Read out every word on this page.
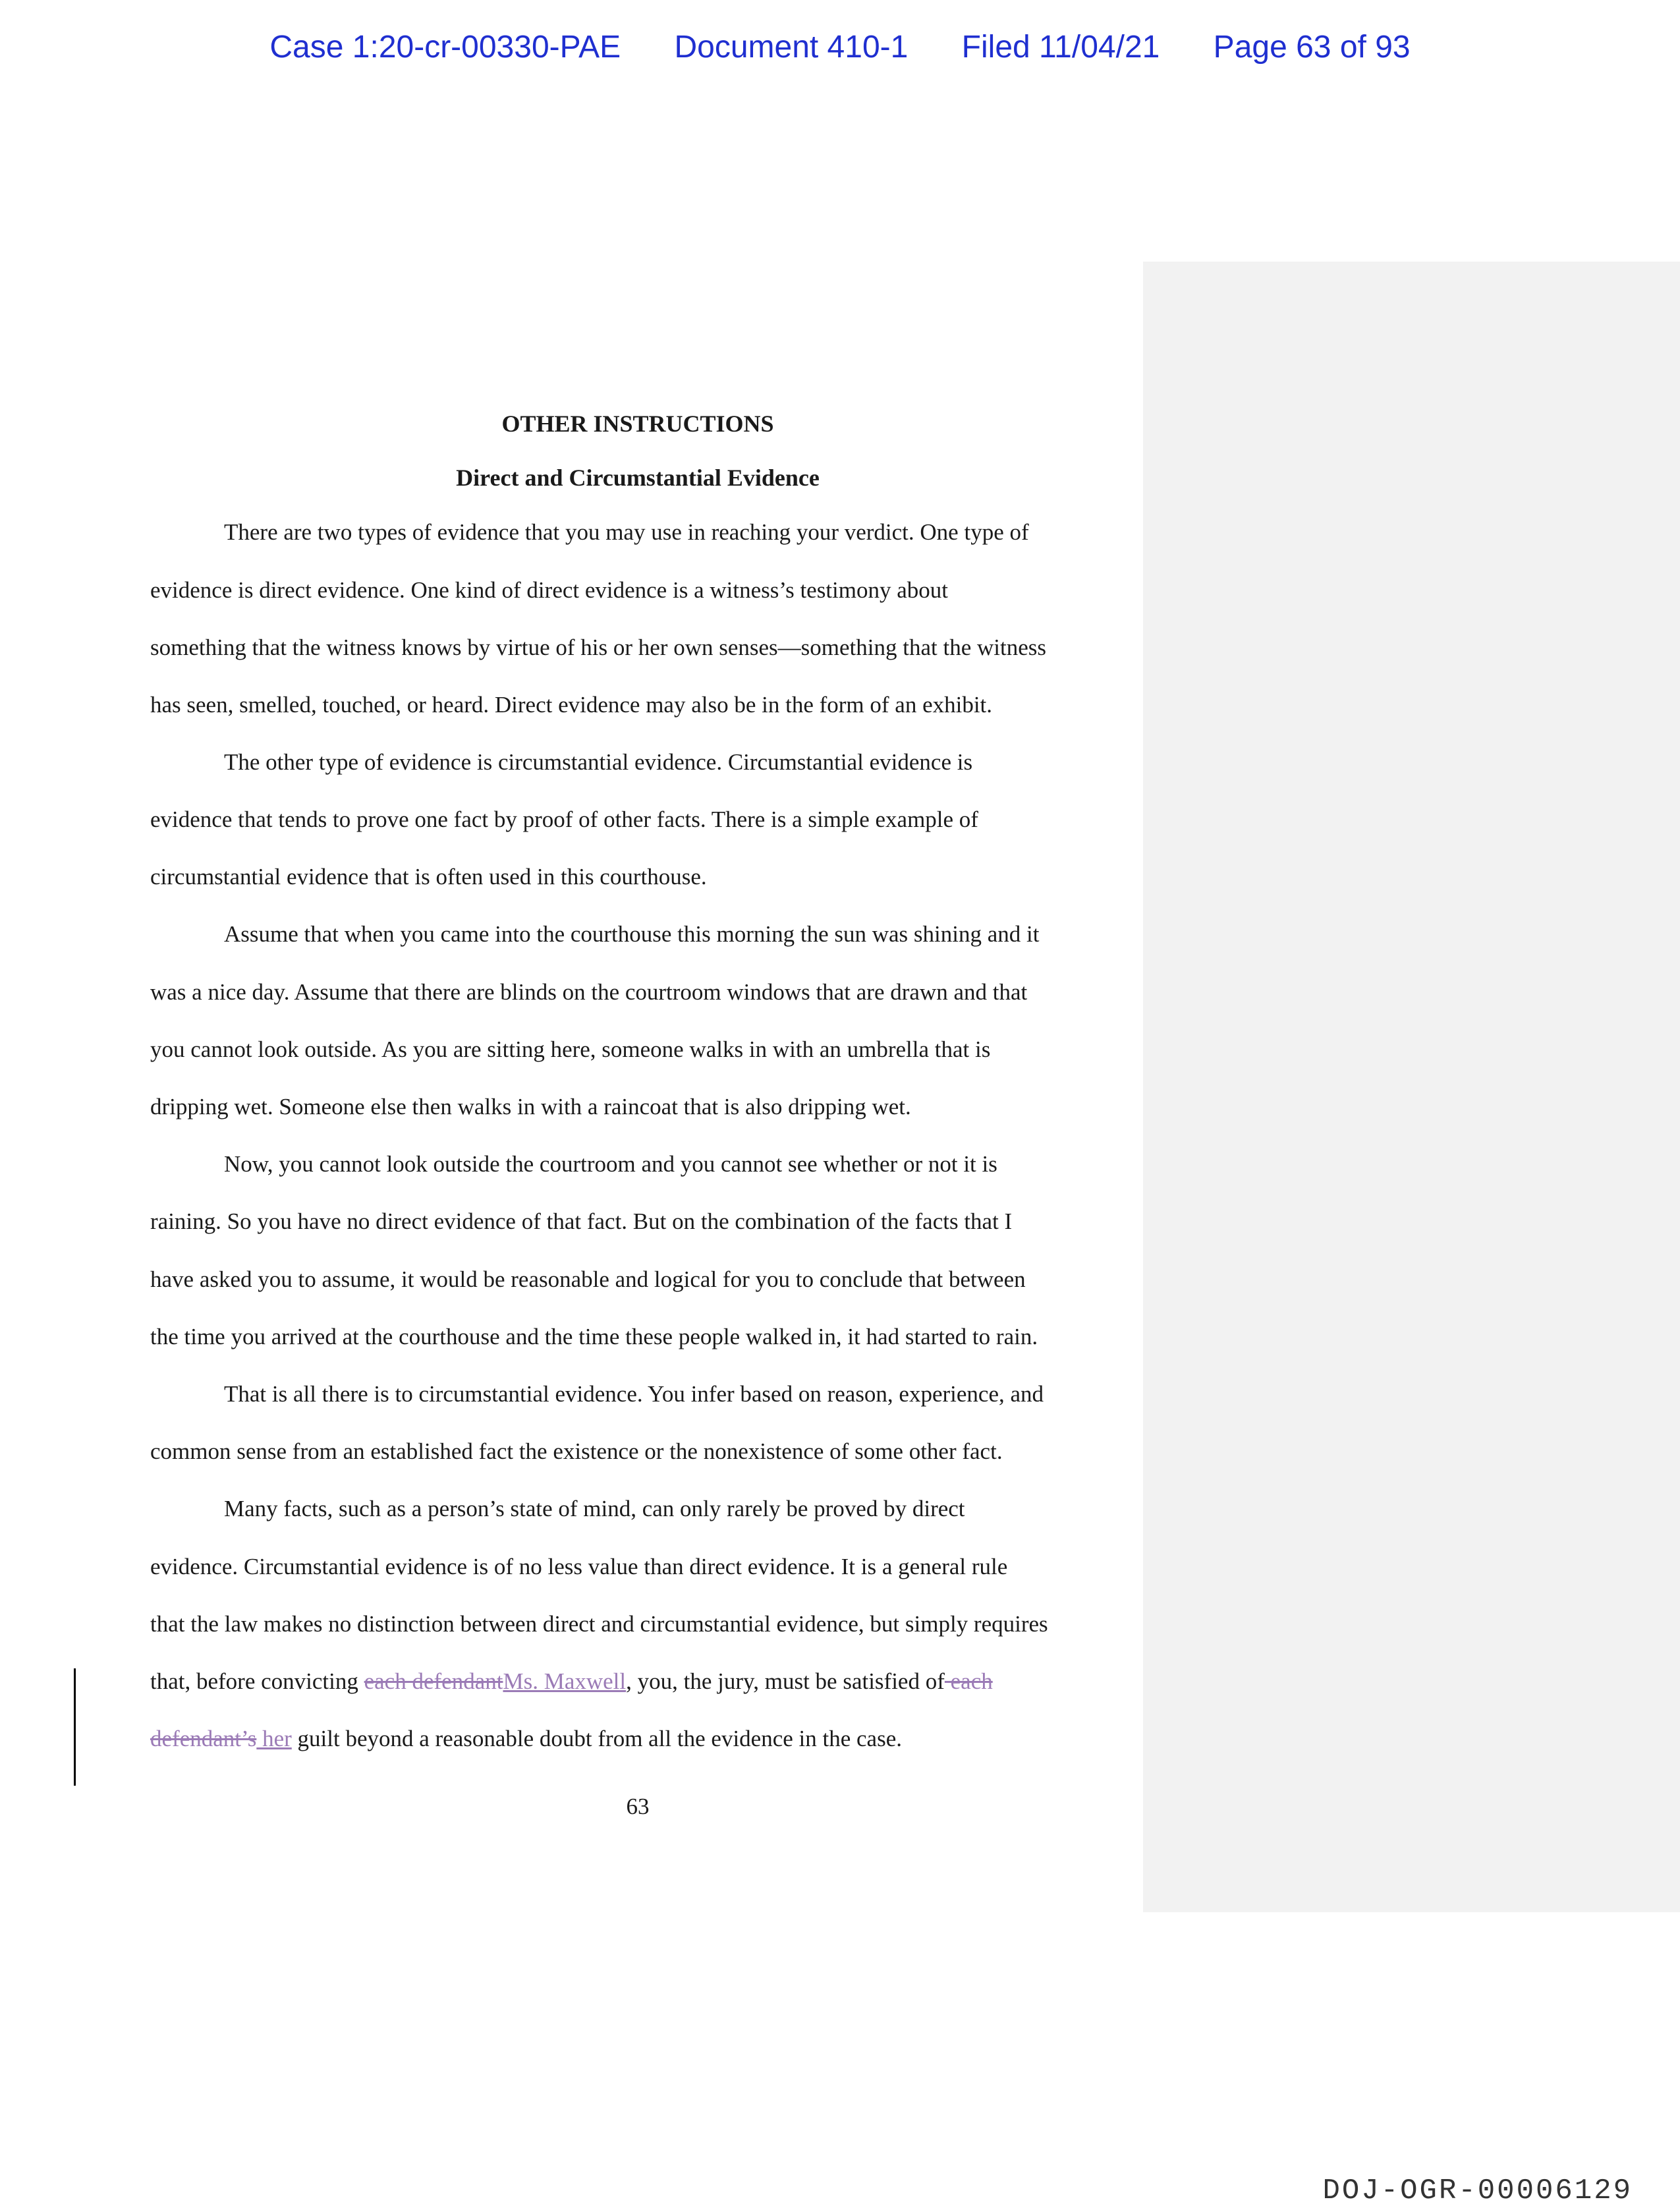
Case 1:20-cr-00330-PAE Document 410-1 Filed 11/04/21 Page 63 of 93
OTHER INSTRUCTIONS
Direct and Circumstantial Evidence
There are two types of evidence that you may use in reaching your verdict. One type of
evidence is direct evidence. One kind of direct evidence is a witness’s testimony about
something that the witness knows by virtue of his or her own senses—something that the witness
has seen, smelled, touched, or heard. Direct evidence may also be in the form of an exhibit.
The other type of evidence is circumstantial evidence. Circumstantial evidence is
evidence that tends to prove one fact by proof of other facts. There is a simple example of
circumstantial evidence that is often used in this courthouse.
Assume that when you came into the courthouse this morning the sun was shining and it
was a nice day. Assume that there are blinds on the courtroom windows that are drawn and that
you cannot look outside. As you are sitting here, someone walks in with an umbrella that is
dripping wet. Someone else then walks in with a raincoat that is also dripping wet.
Now, you cannot look outside the courtroom and you cannot see whether or not it is
raining. So you have no direct evidence of that fact. But on the combination of the facts that I
have asked you to assume, it would be reasonable and logical for you to conclude that between
the time you arrived at the courthouse and the time these people walked in, it had started to rain.
That is all there is to circumstantial evidence. You infer based on reason, experience, and
common sense from an established fact the existence or the nonexistence of some other fact.
Many facts, such as a person’s state of mind, can only rarely be proved by direct
evidence. Circumstantial evidence is of no less value than direct evidence. It is a general rule
that the law makes no distinction between direct and circumstantial evidence, but simply requires
that, before convicting each defendantMs. Maxwell, you, the jury, must be satisfied of each
defendant’s her guilt beyond a reasonable doubt from all the evidence in the case.
63
DOJ-OGR-00006129
